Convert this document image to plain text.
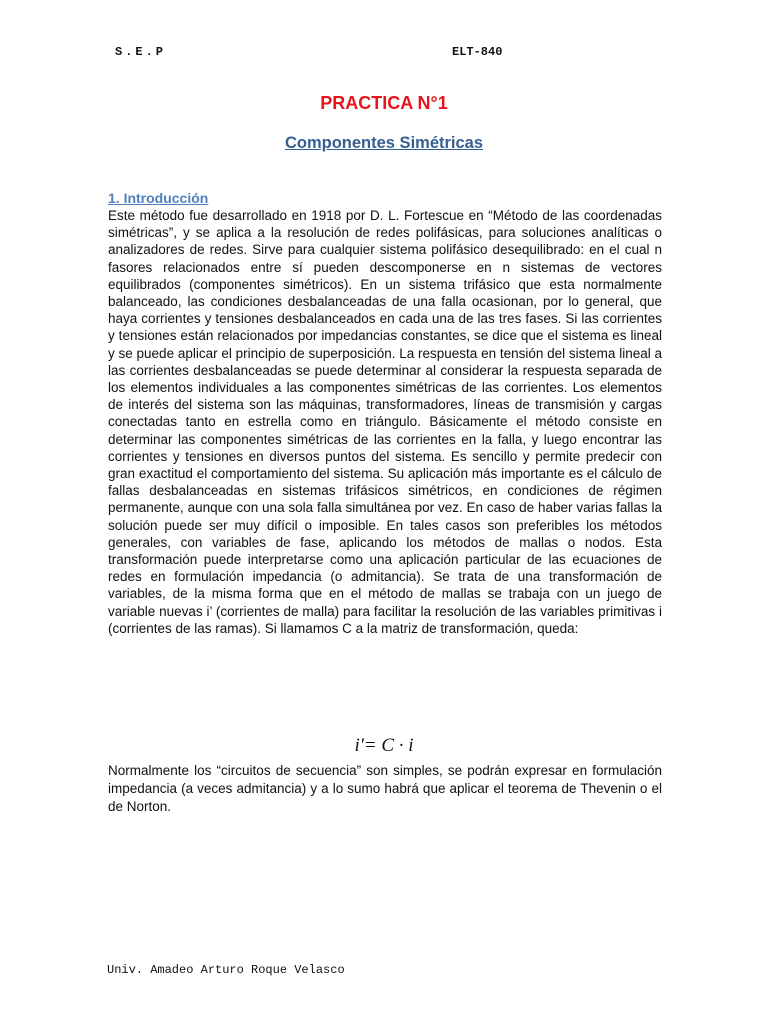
S.E.P	ELT-840
PRACTICA N°1
Componentes Simétricas
1. Introducción

Este método fue desarrollado en 1918 por D. L. Fortescue en “Método de las coordenadas simétricas”, y se aplica a la resolución de redes polifásicas, para soluciones analíticas o analizadores de redes. Sirve para cualquier sistema polifásico desequilibrado: en el cual n fasores relacionados entre sí pueden descomponerse en n sistemas de vectores equilibrados (componentes simétricos). En un sistema trifásico que esta normalmente balanceado, las condiciones desbalanceadas de una falla ocasionan, por lo general, que haya corrientes y tensiones desbalanceados en cada una de las tres fases. Si las corrientes y tensiones están relacionados por impedancias constantes, se dice que el sistema es lineal y se puede aplicar el principio de superposición. La respuesta en tensión del sistema lineal a las corrientes desbalanceadas se puede determinar al considerar la respuesta separada de los elementos individuales a las componentes simétricas de las corrientes. Los elementos de interés del sistema son las máquinas, transformadores, líneas de transmisión y cargas conectadas tanto en estrella como en triángulo. Básicamente el método consiste en determinar las componentes simétricas de las corrientes en la falla, y luego encontrar las corrientes y tensiones en diversos puntos del sistema. Es sencillo y permite predecir con gran exactitud el comportamiento del sistema. Su aplicación más importante es el cálculo de fallas desbalanceadas en sistemas trifásicos simétricos, en condiciones de régimen permanente, aunque con una sola falla simultánea por vez. En caso de haber varias fallas la solución puede ser muy difícil o imposible. En tales casos son preferibles los métodos generales, con variables de fase, aplicando los métodos de mallas o nodos. Esta transformación puede interpretarse como una aplicación particular de las ecuaciones de redes en formulación impedancia (o admitancia). Se trata de una transformación de variables, de la misma forma que en el método de mallas se trabaja con un juego de variable nuevas i’ (corrientes de malla) para facilitar la resolución de las variables primitivas i (corrientes de las ramas). Si llamamos C a la matriz de transformación, queda:

i'= C · i

Normalmente los “circuitos de secuencia” son simples, se podrán expresar en formulación impedancia (a veces admitancia) y a lo sumo habrá que aplicar el teorema de Thevenin o el de Norton.

Univ. Amadeo Arturo Roque Velasco
